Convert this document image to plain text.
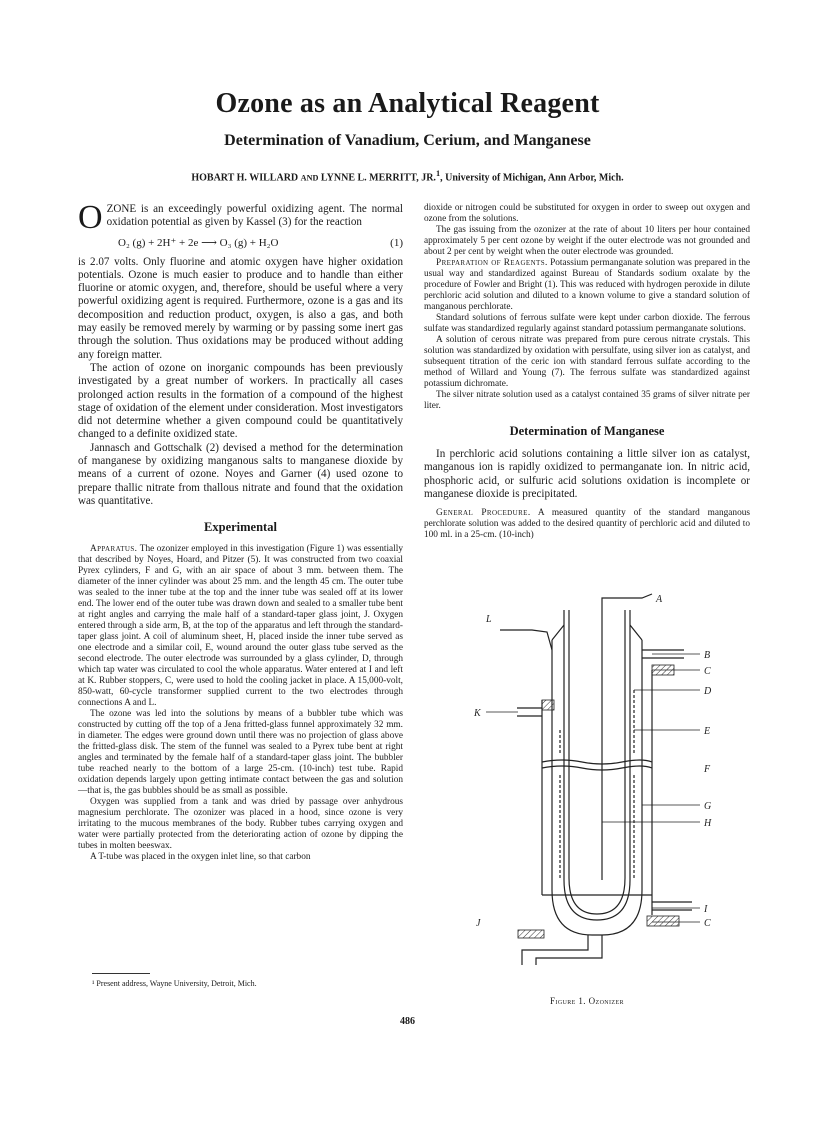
Ozone as an Analytical Reagent
Determination of Vanadium, Cerium, and Manganese
HOBART H. WILLARD AND LYNNE L. MERRITT, JR.$^1$, University of Michigan, Ann Arbor, Mich.

OZONE is an exceedingly powerful oxidizing agent. The normal oxidation potential as given by Kassel (3) for the reaction

O₂ (g) + 2H⁺ + 2e ⟶ O₃ (g) + H₂O	(1)

is 2.07 volts. Only fluorine and atomic oxygen have higher oxidation potentials. Ozone is much easier to produce and to handle than either fluorine or atomic oxygen, and, therefore, should be useful where a very powerful oxidizing agent is required. Furthermore, ozone is a gas and its decomposition and reduction product, oxygen, is also a gas, and both may easily be removed merely by warming or by passing some inert gas through the solution. Thus oxidations may be produced without adding any foreign matter.

The action of ozone on inorganic compounds has been previously investigated by a great number of workers. In practically all cases prolonged action results in the formation of a compound of the highest stage of oxidation of the element under consideration. Most investigators did not determine whether a given compound could be quantitatively changed to a definite oxidized state.

Jannasch and Gottschalk (2) devised a method for the determination of manganese by oxidizing manganous salts to manganese dioxide by means of a current of ozone. Noyes and Garner (4) used ozone to prepare thallic nitrate from thallous nitrate and found that the oxidation was quantitative.

Experimental

Apparatus. The ozonizer employed in this investigation (Figure 1) was essentially that described by Noyes, Hoard, and Pitzer (5). It was constructed from two coaxial Pyrex cylinders, F and G, with an air space of about 3 mm. between them. The diameter of the inner cylinder was about 25 mm. and the length 45 cm. The outer tube was sealed to the inner tube at the top and the inner tube was sealed off at its lower end. The lower end of the outer tube was drawn down and sealed to a smaller tube bent at right angles and carrying the male half of a standard-taper glass joint, J. Oxygen entered through a side arm, B, at the top of the apparatus and left through the standard-taper glass joint. A coil of aluminum sheet, H, placed inside the inner tube served as one electrode and a similar coil, E, wound around the outer glass tube served as the second electrode. The outer electrode was surrounded by a glass cylinder, D, through which tap water was circulated to cool the whole apparatus. Water entered at I and left at K. Rubber stoppers, C, were used to hold the cooling jacket in place. A 15,000-volt, 850-watt, 60-cycle transformer supplied current to the two electrodes through connections A and L.

The ozone was led into the solutions by means of a bubbler tube which was constructed by cutting off the top of a Jena fritted-glass funnel approximately 32 mm. in diameter. The edges were ground down until there was no projection of glass above the fritted-glass disk. The stem of the funnel was sealed to a Pyrex tube bent at right angles and terminated by the female half of a standard-taper glass joint. The bubbler tube reached nearly to the bottom of a large 25-cm. (10-inch) test tube. Rapid oxidation depends largely upon getting intimate contact between the gas and solution—that is, the gas bubbles should be as small as possible.

Oxygen was supplied from a tank and was dried by passage over anhydrous magnesium perchlorate. The ozonizer was placed in a hood, since ozone is very irritating to the mucous membranes of the body. Rubber tubes carrying oxygen and water were partially protected from the deteriorating action of ozone by dipping the tubes in molten beeswax.

A T-tube was placed in the oxygen inlet line, so that carbon

dioxide or nitrogen could be substituted for oxygen in order to sweep out oxygen and ozone from the solutions.

The gas issuing from the ozonizer at the rate of about 10 liters per hour contained approximately 5 per cent ozone by weight if the outer electrode was not grounded and about 2 per cent by weight when the outer electrode was grounded.

Preparation of Reagents. Potassium permanganate solution was prepared in the usual way and standardized against Bureau of Standards sodium oxalate by the procedure of Fowler and Bright (1). This was reduced with hydrogen peroxide in dilute perchloric acid solution and diluted to a known volume to give a standard solution of manganous perchlorate.

Standard solutions of ferrous sulfate were kept under carbon dioxide. The ferrous sulfate was standardized regularly against standard potassium permanganate solutions.

A solution of cerous nitrate was prepared from pure cerous nitrate crystals. This solution was standardized by oxidation with persulfate, using silver ion as catalyst, and subsequent titration of the ceric ion with standard ferrous sulfate according to the method of Willard and Young (7). The ferrous sulfate was standardized against potassium dichromate.

The silver nitrate solution used as a catalyst contained 35 grams of silver nitrate per liter.

Determination of Manganese

In perchloric acid solutions containing a little silver ion as catalyst, manganous ion is rapidly oxidized to permanganate ion. In nitric acid, phosphoric acid, or sulfuric acid solutions oxidation is incomplete or manganese dioxide is precipitated.

General Procedure. A measured quantity of the standard manganous perchlorate solution was added to the desired quantity of perchloric acid and diluted to 100 ml. in a 25-cm. (10-inch)

A
B
C
D
E
F
G
H
I
C
J
K
L
Figure 1. Ozonizer
¹ Present address, Wayne University, Detroit, Mich.
486
